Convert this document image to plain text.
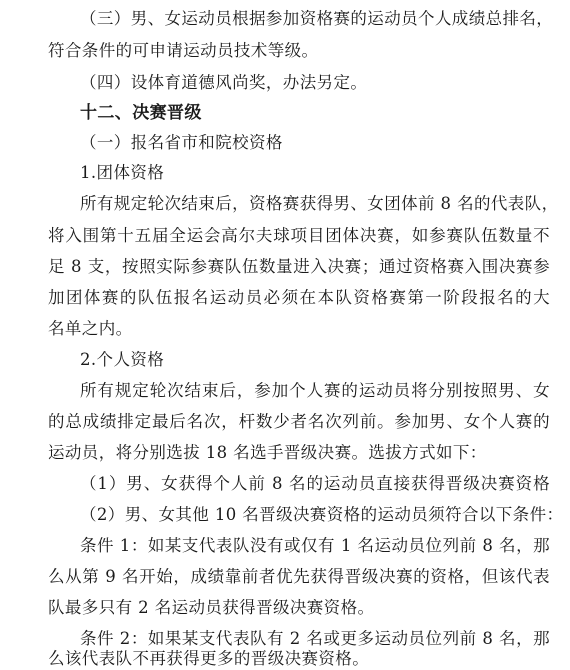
（三）男、女运动员根据参加资格赛的运动员个人成绩总排名，
符合条件的可申请运动员技术等级。
（四）设体育道德风尚奖，办法另定。
十二、决赛晋级
（一）报名省市和院校资格
1.团体资格
所有规定轮次结束后，资格赛获得男、女团体前 8 名的代表队，
将入围第十五届全运会高尔夫球项目团体决赛，如参赛队伍数量不
足 8 支，按照实际参赛队伍数量进入决赛；通过资格赛入围决赛参
加团体赛的队伍报名运动员必须在本队资格赛第一阶段报名的大
名单之内。
2.个人资格
所有规定轮次结束后，参加个人赛的运动员将分别按照男、女
的总成绩排定最后名次，杆数少者名次列前。参加男、女个人赛的
运动员，将分别选拔 18 名选手晋级决赛。选拔方式如下：
（1）男、女获得个人前 8 名的运动员直接获得晋级决赛资格
（2）男、女其他 10 名晋级决赛资格的运动员须符合以下条件：
条件 1：如某支代表队没有或仅有 1 名运动员位列前 8 名，那
么从第 9 名开始，成绩靠前者优先获得晋级决赛的资格，但该代表
队最多只有 2 名运动员获得晋级决赛资格。
条件 2：如果某支代表队有 2 名或更多运动员位列前 8 名，那
么该代表队不再获得更多的晋级决赛资格。
